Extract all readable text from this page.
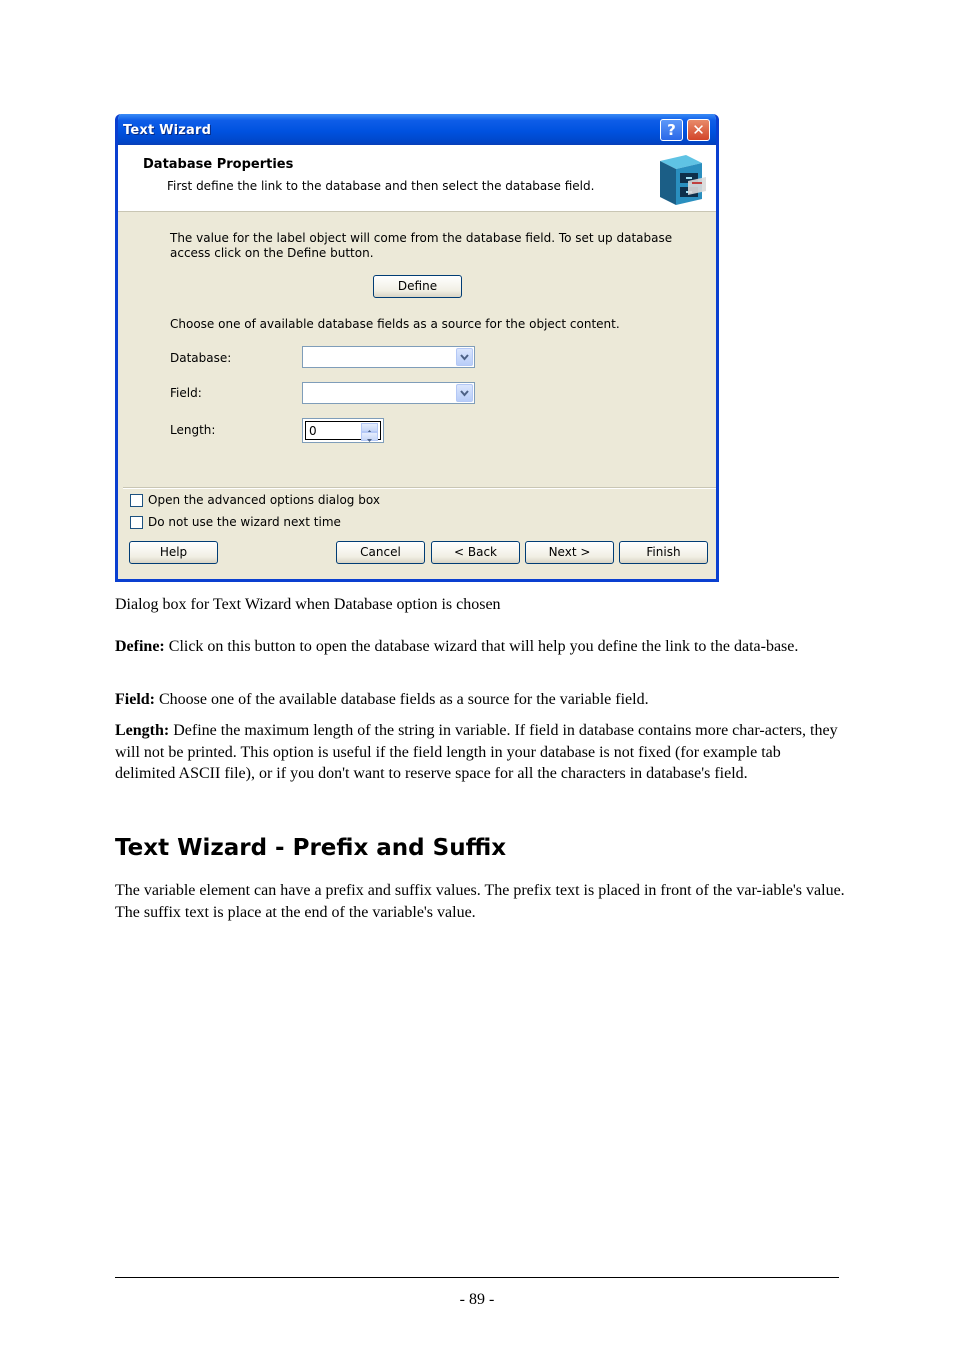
Text Wizard	?	✕
Database Properties
First define the link to the database and then select the database field.
The value for the label object will come from the database field. To set up database
access click on the Define button.
Define
Choose one of available database fields as a source for the object content.
Database:
Field:
Length:	0
Open the advanced options dialog box
Do not use the wizard next time
Help	Cancel	< Back	Next >	Finish
Dialog box for Text Wizard when Database option is chosen
Define: Click on this button to open the database wizard that will help you define the link to the data-base.
Field: Choose one of the available database fields as a source for the variable field.
Length: Define the maximum length of the string in variable. If field in database contains more char-acters, they will not be printed. This option is useful if the field length in your database is not fixed (for example tab delimited ASCII file), or if you don't want to reserve space for all the characters in database's field.
Text Wizard - Prefix and Suffix
The variable element can have a prefix and suffix values. The prefix text is placed in front of the var-iable's value. The suffix text is place at the end of the variable's value.
- 89 -
